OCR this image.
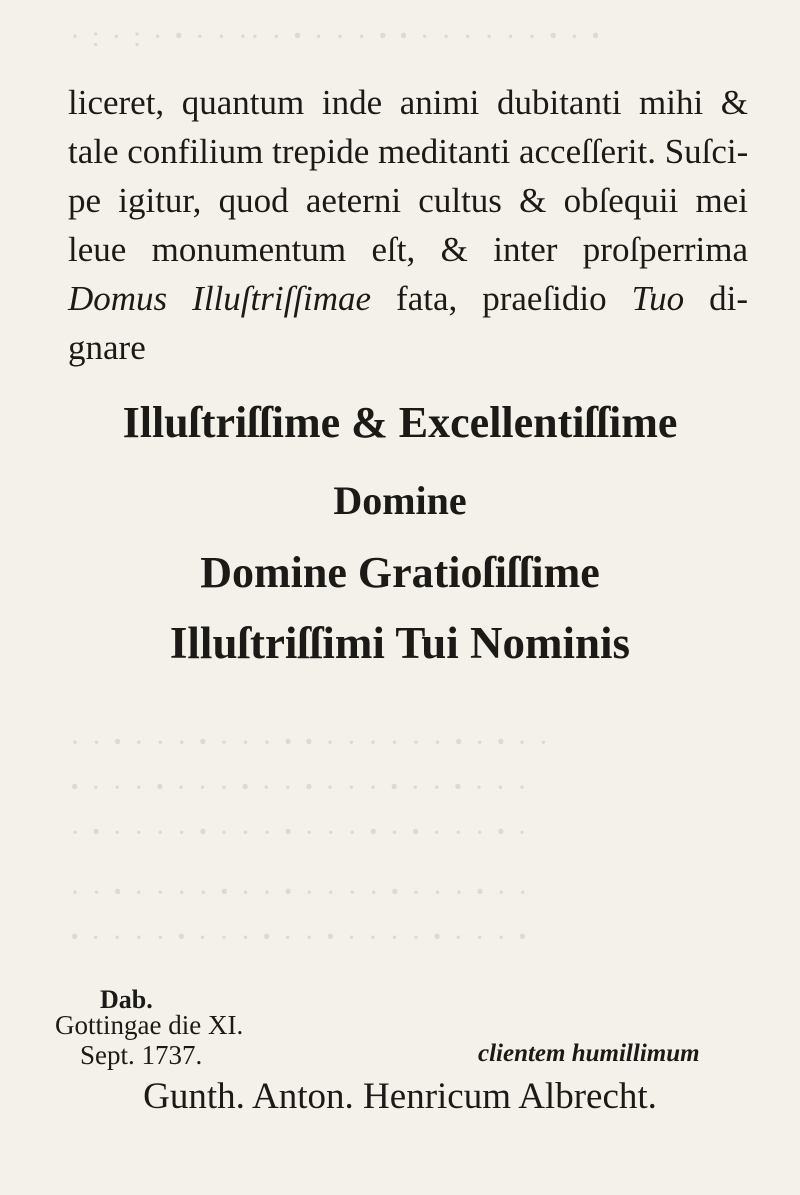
· : · : · ꞏ · · ·· · ꞏ · · · ꞏ ꞏ · · · · · · ꞏ · ꞏ
· · ꞏ · · · ꞏ · · · ꞏ ꞏ · · · · · · ꞏ · ꞏ · ·
ꞏ · · · ꞏ · · · ꞏ · · ꞏ · · · ꞏ · · ꞏ · · ·
· ꞏ · · · · ꞏ · · · ꞏ · · · ꞏ · ꞏ · · · ꞏ ·
· · ꞏ · · · · ꞏ · · ꞏ · · · · ꞏ · · · ꞏ · ·
ꞏ · · · · ꞏ · · · ꞏ · · ꞏ · · · · ꞏ · · · ꞏ
liceret, quantum inde animi dubitanti mihi &
tale confilium trepide meditanti acceſſerit. Suſci-
pe igitur, quod aeterni cultus & obſequii mei
leue monumentum eſt, & inter proſperrima
Domus Illuſtriſſimae fata, praeſidio Tuo di-
gnare
Illuſtriſſime & Excellentiſſime
Domine
Domine Gratioſiſſime
Illuſtriſſimi Tui Nominis
Dab.
Gottingae die XI.
Sept. 1737.	clientem humillimum
Gunth. Anton. Henricum Albrecht.
